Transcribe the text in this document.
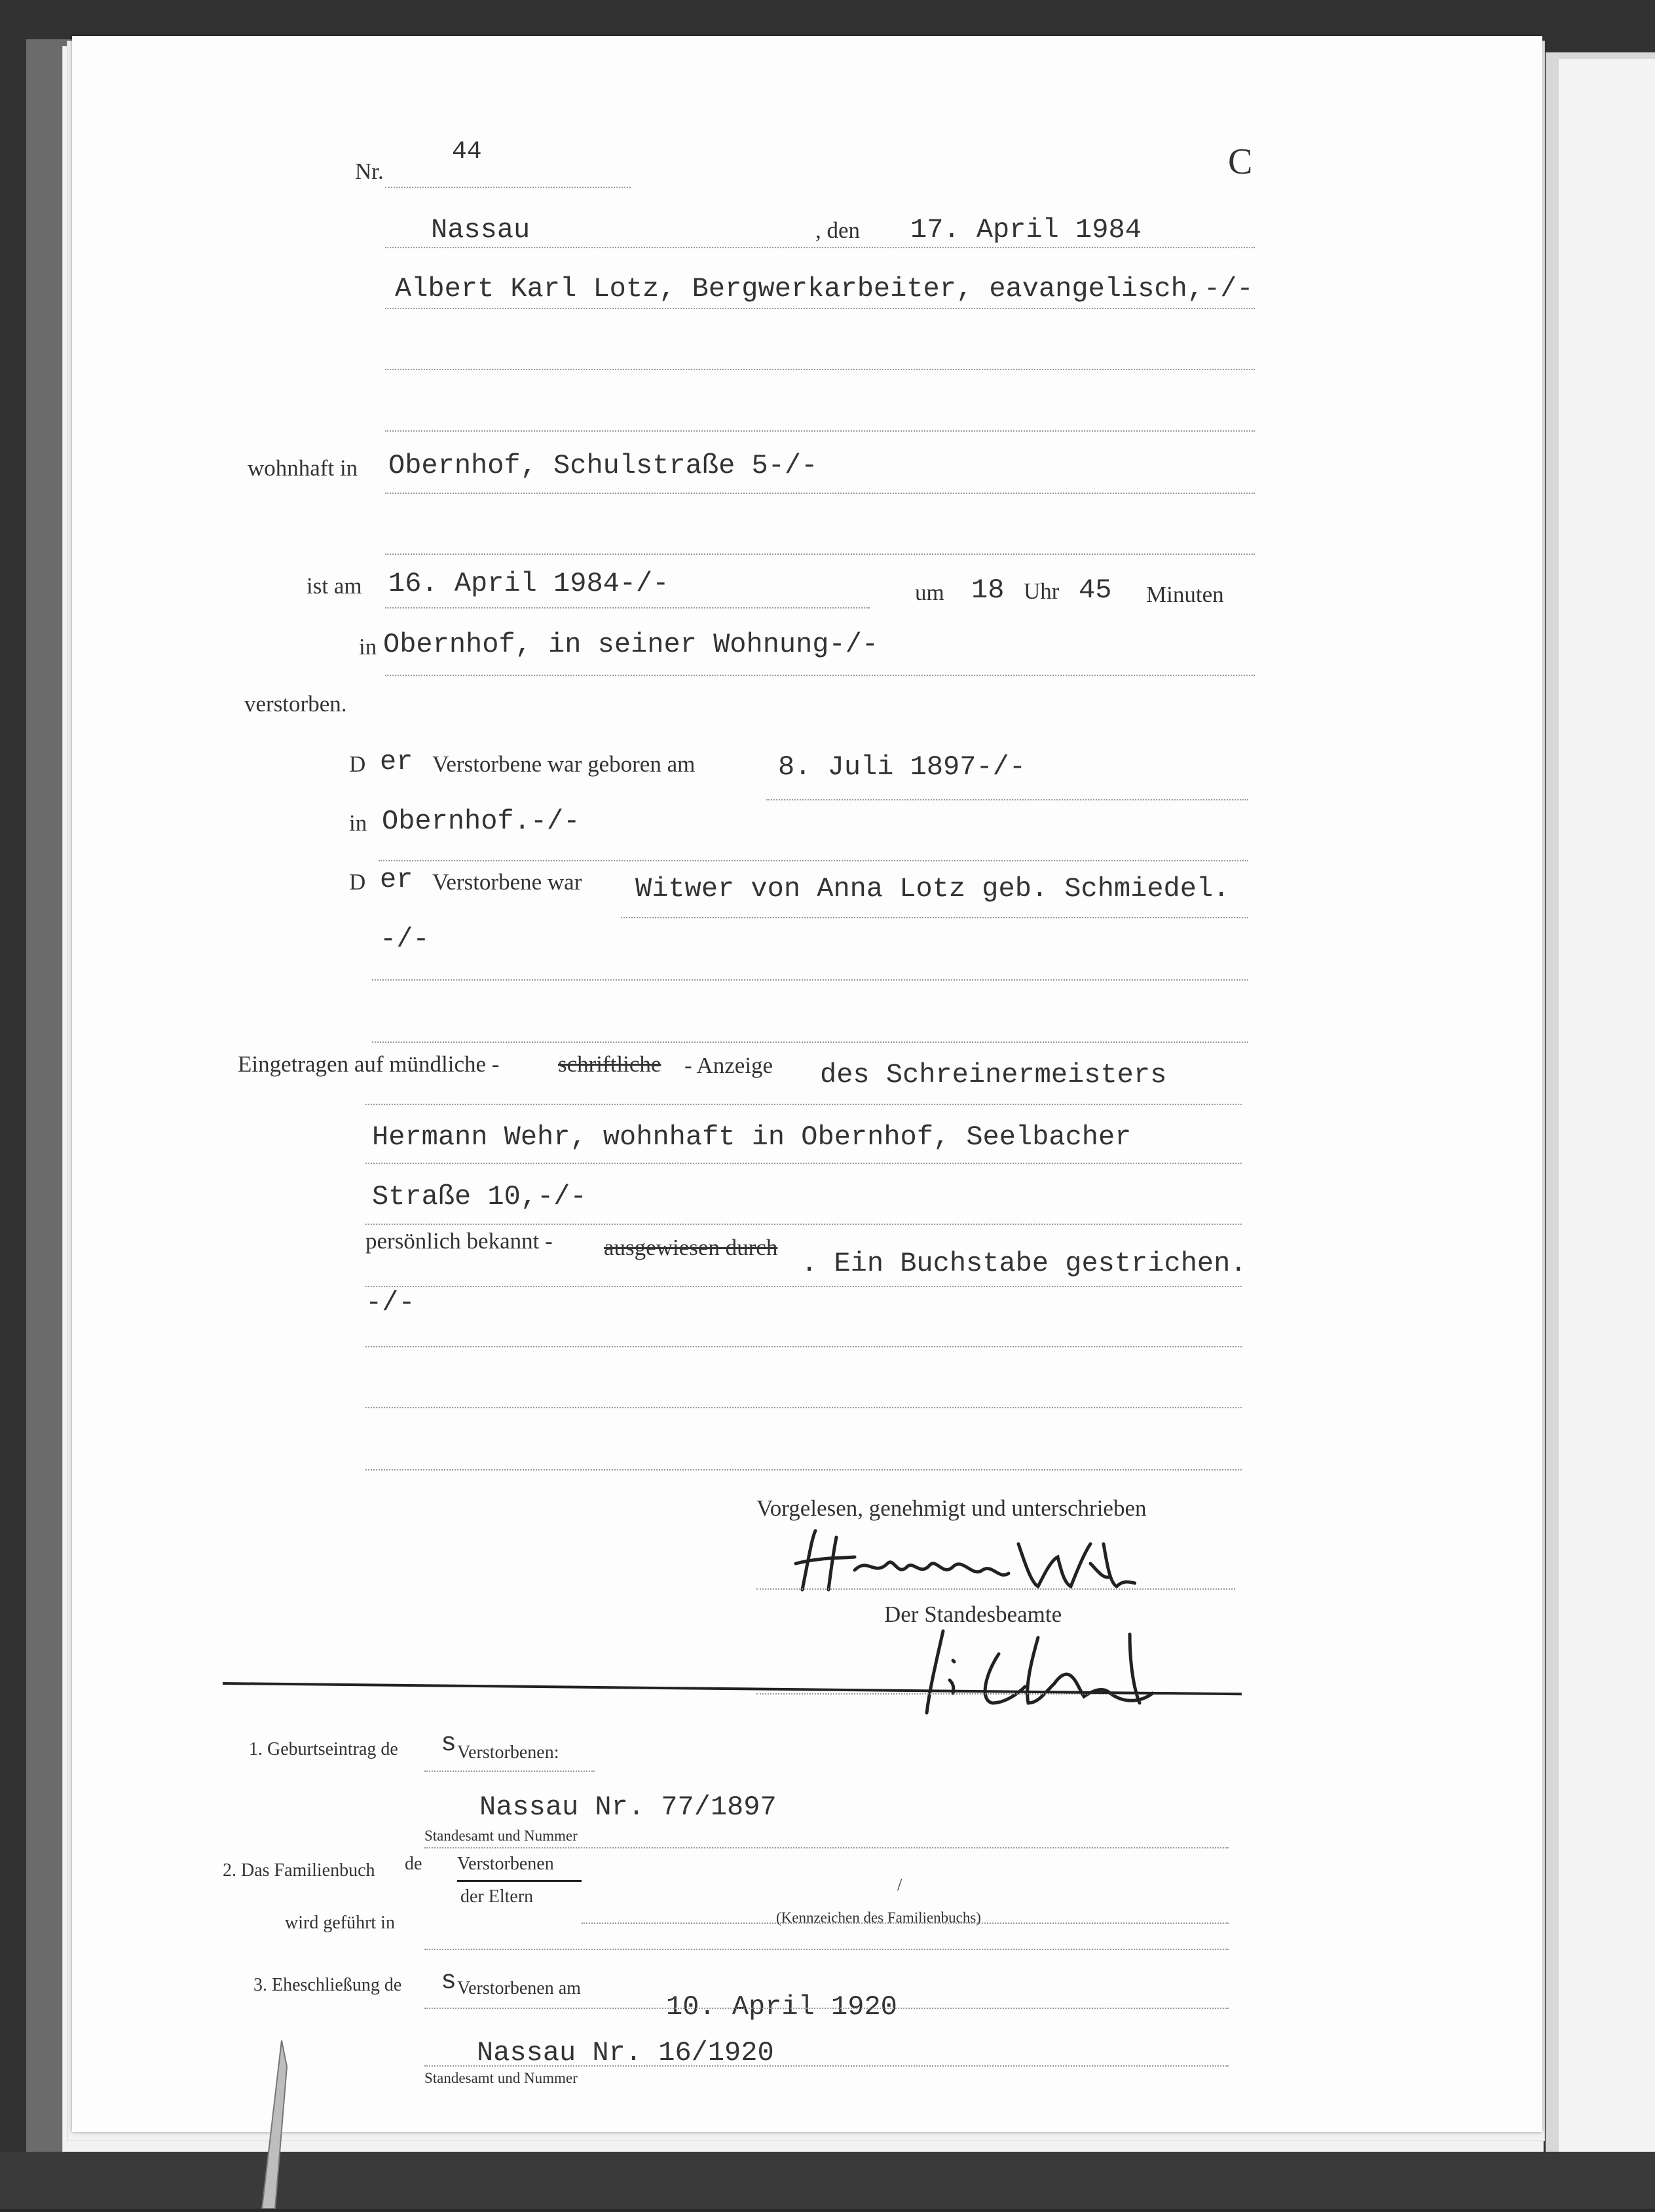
Nr.
44	C
Nassau	, den 17. April 1984
Albert Karl Lotz, Bergwerkarbeiter, eavangelisch,-/-
wohnhaft in Obernhof, Schulstraße 5-/-
ist am 16. April 1984-/-	um 18 Uhr 45 Minuten
in Obernhof, in seiner Wohnung-/-
verstorben.
D er Verstorbene war geboren am	8. Juli 1897-/-
in Obernhof.-/-
D er Verstorbene war Witwer von Anna Lotz geb. Schmiedel.
-/-
Eingetragen auf mündliche -	schriftliche - Anzeige des Schreinermeisters
Hermann Wehr, wohnhaft in Obernhof, Seelbacher
Straße 10,-/-
persönlich bekannt - ausgewiesen durch
. Ein Buchstabe gestrichen.
-/-
Vorgelesen, genehmigt und unterschrieben
Der Standesbeamte
1. Geburtseintrag de s Verstorbenen:
Nassau Nr. 77/1897
Standesamt und Nummer
2. Das Familienbuch de Verstorbenen
der Eltern
/
(Kennzeichen des Familienbuchs)
wird geführt in
3. Eheschließung de s Verstorbenen am
10. April 1920
Nassau Nr. 16/1920
Standesamt und Nummer
